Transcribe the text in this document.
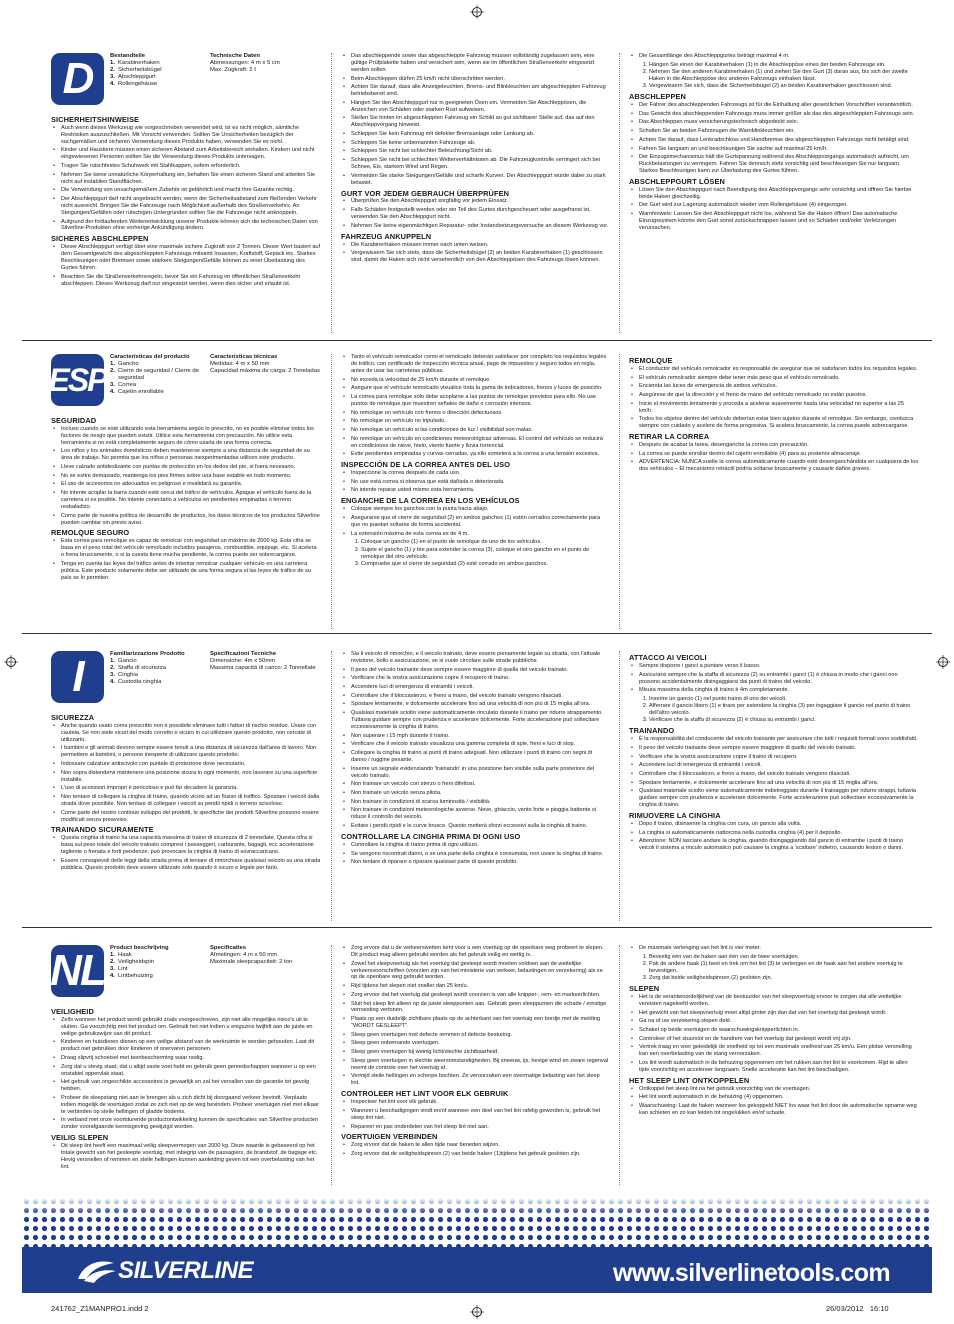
D	Bestandteile
1. Karabinerhaken
2. Sicherheitsbügel
3. Abschleppgurt
4. Rollengehäuse
Technische Daten
Abmessungen: 4 m x 5 cm
Max. Zugkraft: 2 t
SICHERHEITSHINWEISE
• Auch wenn dieses Werkzeug wie vorgeschrieben verwendet wird, ist es nicht möglich, sämtliche Restrisiken auszuschließen. Mit Vorsicht verwenden. Sollten Sie Unsicherheiten bezüglich der sachgemäßen und sicheren Verwendung dieses Produkts haben, verwenden Sie es nicht.
• Kinder und Haustiere müssen einen sicheren Abstand zum Arbeitsbereich einhalten. Kindern und nicht eingewiesenen Personen sollten Sie die Verwendung dieses Produkts untersagen.
• Tragen Sie rutschfestes Schuhwerk mit Stahlkappen, sofern erforderlich.
• Nehmen Sie keine unnatürliche Körperhaltung ein, behalten Sie einen sicheren Stand und arbeiten Sie nicht auf instabilen Standflächen.
• Die Verwendung von unsachgemäßem Zubehör ist gefährlich und macht Ihre Garantie nichtig.
• Der Abschleppgurt darf nicht angebracht werden, wenn der Sicherheitsabstand zum fließenden Verkehr nicht ausreicht. Bringen Sie die Fahrzeuge nach Möglichkeit außerhalb des Straßenverkehrs. An Steigungen/Gefällen oder rutschigen Untergründen sollten Sie die Fahrzeuge nicht anknoppeln.
• Aufgrund der fortlaufenden Weiterentwicklung unserer Produkte können sich die technischen Daten von Silverline-Produkten ohne vorherige Ankündigung ändern.
SICHERES ABSCHLEPPEN
• Dieser Abschleppgurt verfügt über eine maximale sichere Zugkraft von 2 Tonnen. Dieser Wert basiert auf dem Gesamtgewicht des abgeschleppten Fahrzeugs mitsamt Insassen, Kraftstoff, Gepäck etc. Starkes Beschleunigen oder Bremsen sowie stärkere Steigungen/Gefälle können zu einer Überlastung des Gurtes führen.
• Beachten Sie die Straßenverkehrsregeln, bevor Sie ein Fahrzeug im öffentlichen Straßenverkehr abschleppen. Dieses Werkzeug darf nur eingesetzt werden, wenn dies sicher und erlaubt ist.
• Das abschleppende sowie das abgeschleppte Fahrzeug müssen vollständig zugelassen sein, eine gültige Prüfplakette haben und versichert sein, wenn sie im öffentlichen Straßenverkehr eingesetzt werden sollen.
• Beim Abschleppen dürfen 25 km/h nicht überschritten werden.
• Achten Sie darauf, dass alle Anzeigeleuchten, Brems- und Blinkleuchten am abgeschleppten Fahrzeug betriebsbereit sind.
• Hängen Sie den Abschleppgurt nur in geeigneten Ösen ein. Vermeiden Sie Abschleppösen, die Anzeichen von Schäden oder starken Rost aufweisen.
• Stellen Sie hinten im abgeschleppten Fahrzeug ein Schild an gut sichtbarer Stelle auf, das auf den Abschleppvorgang hinweist.
• Schleppen Sie kein Fahrzeug mit defekter Bremsanlage oder Lenkung ab.
• Schleppen Sie keine unbemannten Fahrzeuge ab.
• Schleppen Sie nicht bei schlechter Beleuchtung/Sicht ab.
• Schleppen Sie nicht bei schlechten Wetterverhältnissen ab. Die Fahrzeugkontrolle verringert sich bei Schnee, Eis, starkem Wind und Regen.
• Vermeiden Sie starke Steigungen/Gefälle und scharfe Kurven. Der Abschleppgurt würde dabei zu stark belastet.
GURT VOR JEDEM GEBRAUCH ÜBERPRÜFEN
• Überprüfen Sie den Abschleppgurt sorgfältig vor jedem Einsatz.
• Falls Schäden festgestellt werden oder ein Teil des Gurtes durchgescheuert oder ausgefranst ist, verwenden Sie den Abschleppgurt nicht.
• Nehmen Sie keine eigenmächtigen Reparatur- oder Instandsetzungsversuche an diesem Werkzeug vor.
FAHRZEUG ANKUPPELN
• Die Karabinerhaken müssen immer nach unten weisen.
• Vergewissern Sie sich stets, dass die Sicherheitsbügel (2) an beiden Karabinerhaken (1) geschlossen sind, damit die Haken sich nicht versehentlich von den Abschleppösen des Fahrzeugs lösen können.
• Die Gesamtlänge des Abschleppgurtes beträgt maximal 4 m.
1. Hängen Sie einen der Karabinerhaken (1) in die Abschleppöse eines der beiden Fahrzeuge ein.
2. Nehmen Sie den anderen Karabinerhaken (1) und ziehen Sie den Gurt (3) daran aus, bis sich der zweite Haken in die Abschleppöse des anderen Fahrzeugs einhaken lässt.
3. Vergewissern Sie sich, dass die Sicherheitsbügel (2) an beiden Karabinerhaken geschlossen sind.
ABSCHLEPPEN
• Der Fahrer des abschleppenden Fahrzeugs ist für die Einhaltung aller gesetzlichen Vorschriften verantwortlich.
• Das Gewicht des abschleppenden Fahrzeugs muss immer größer als das des abgeschleppten Fahrzeugs sein.
• Das Abschleppen muss versicherungstechnisch abgedeckt sein.
• Schalten Sie an beiden Fahrzeugen die Warnblinkleuchten ein.
• Achten Sie darauf, dass Lenkradschloss und Handbremse des abgeschleppten Fahrzeugs nicht betätigt sind.
• Fahren Sie langsam an und beschleunigen Sie sachte auf maximal 25 km/h.
• Der Einzugsmechanismus hält die Gurtspannung während des Abschleppvorgangs automatisch aufrecht, um Ruckbelastungen zu verringern. Fahren Sie dennoch stets vorsichtig und beschleunigen Sie nur langsam. Starkes Beschleunigen kann zur Überlastung des Gurtes führen.
ABSCHLEPPGURT LÖSEN
• Lösen Sie den Abschleppgurt nach Beendigung des Abschleppvorgangs sehr vorsichtig und öffnen Sie hierbei beide Haken gleichzeitig.
• Der Gurt wird zur Lagerung automatisch wieder vom Rollengehäuse (4) eingezogen.
• Warnhinweis: Lassen Sie den Abschleppgurt nicht los, während Sie die Haken öffnen! Das automatische Einzugssystem könnte den Gurt sonst zurückschnappen lassen und so Schäden und/oder Verletzungen verursachen.
ESP
Características del producto
1. Gancho
2. Cierre de seguridad / Cierre de seguridad
3. Correa
4. Cajetín enrollable
Características técnicas
Medidas: 4 m x 50 mm
Capacidad máxima de carga: 2 Toneladas
SEGURIDAD
• Incluso cuando se esté utilizando esta herramienta según lo prescrito, no es posible eliminar todos los factores de riesgo que pueden existir. Utilice esta herramienta con precaución. No utilice esta herramienta si no está completamente seguro de cómo usarla de una forma correcta.
• Los niños y los animales domésticos deben mantenerse siempre a una distancia de seguridad de su área de trabajo. No permita que los niños o personas inexperimentadas utilicen este producto.
• Lleve calzado antideslizante con puntas de protección en los dedos del pie, si fuera necesario.
• No se estire demasiado, mantenga los pies firmes sobre una base estable en todo momento.
• El uso de accesorios no adecuados es peligroso e invalidará su garantía.
• No intente acoplar la barra cuando esté cerca del tráfico de vehículos. Apague el vehículo fuera de la carretera si es posible. No intente conectarlo a vehículos en pendientes empinadas o terreno resbaladizo.
• Como parte de nuestra política de desarrollo de productos, los datos técnicos de los productos Silverline pueden cambiar sin previo aviso.
REMOLQUE SEGURO
• Esta correa para remolque es capaz de remolcar con seguridad un máximo de 2000 kg. Esta cifra se basa en el peso total del vehículo remolcado incluidos pasajeros, combustible, equipaje, etc. Si acelera o frena bruscamente, o si la cuesta tiene mucha pendiente, la correa puede ser sobrecargarse.
• Tenga en cuenta las leyes del tráfico antes de intentar remolcar cualquier vehículo en una carretera pública. Este producto solamente debe ser utilizado de una forma segura si las leyes de tráfico de su país se lo permiten.
• Tanto el vehículo remolcador como el remolcado deberán satisfacer por completo los requisitos legales de tráfico, con certificado de inspección técnica anual, pago de impuestos y seguro todos en regla, antes de usar las carreteras públicas.
• No exceda la velocidad de 25 km/h durante el remolque.
• Asegure que el vehículo remolcado visualice toda la gama de indicadores, frenos y luces de posición.
• La correa para remolque sólo debe acoplarse a las puntos de remolque previstos para ello. No use puntos de remolque que muestren señales de daño o corrosión intensos.
• No remolque un vehículo con frenos o dirección defectuosos.
• No remolque un vehículo no tripulado.
• No remolque un vehículo si las condiciones de luz / visibilidad son malas.
• No remolque un vehículo en condiciones meteorológicas adversas. El control del vehículo se reducirá en condiciones de nieve, hielo, viento fuerte y lluvia torrencial.
• Evite pendientes empinadas y curvas cerradas, ya ello someterá a la correa a una tensión excesiva.
INSPECCIÓN DE LA CORREA ANTES DEL USO
• Inspeccione la correa después de cada uso.
• No use está correa si observa que está dañada o deteriorada.
• No intente reparar usted mismo esta herramienta.
ENGANCHE DE LA CORREA EN LOS VEHÍCULOS
• Coloque siempre los ganchos con la punta hacia abajo.
• Asegurarse que el cierre de seguridad (2) en ambos ganchos (1) estén cerrados correctamente para que no puedan soltarse de forma accidental.
• La extensión máxima de esta correa es de 4 m.
1. Coloque un gancho (1) en el punto de remolque de uno de los vehículos.
2. Sujete el gancho (1) y tire para extender la correa (3), coloque el otro gancho en el punto de remolque del otro vehículo.
3. Compruebe que el cierre de seguridad (2) esté cerrado en ambos ganchos.
REMOLQUE
• El conductor del vehículo remolcador es responsable de asegurar que se satisfacen todos los requisitos legales.
• El vehículo remolcador siempre debe tener más peso que el vehículo remolcado.
• Encienda las luces de emergencia de ambos vehículos.
• Asegúrese de que la dirección y el freno de mano del vehículo remolcado no están puestos.
• Inicie el movimiento lentamente y proceda a acelerar suavemente hasta una velocidad no superior a las 25 km/h.
• Todos los objetos dentro del vehículo deberían estar bien sujetos durante el remolque. Sin embargo, conduzca siempre con cuidado y acelere de forma progresiva. Si acelera bruscamente, la correa puede sobrecargarse.
RETIRAR LA CORREA
• Después de acabar la tarea, desenganche la correa con precaución.
• La correa se puede enrollar dentro del cajetín enrollable (4) para su posterior almacenaje.
• ADVERTENCIA: NUNCA suelte la correa automáticamente cuando esté desenganchándola en cualquiera de los dos vehículos – El mecanismo retráctil podría soltarse bruscamente y causarle daños graves.
I	Familiarizzazione Prodotto
1. Gancio
2. Staffa di sicurezza
3. Cinghia
4. Custodia cinghia
Specificazioni Tecniche
Dimensione: 4m x 50mm
Massima capacità di carico: 2 Tonnellate
SICUREZZA
• Anche quando usato come prescritto non è possibile eliminare tutti i fattori di rischio residuo. Usare con cautela. Se non siete sicuri del modo corretto e sicuro in cui utilizzare questo prodotto, non cercate di utilizzarlo.
• I bambini e gli animali devono sempre essere tenuti a una distanza di sicurezza dall'area di lavoro. Non permettere ai bambini, o persone inesperte di utilizzare questo prodotto.
• Indossare calzature antiscivolo con puntale di protezione dove necessario.
• Non sopra distendervi mantenere una posizione sicura in ogni momento, non lavorare su una superficie instabile.
• L'uso di accessori impropri è pericoloso e può far decadere la garanzia.
• Non tentare di collegare la cinghia di traino, quando vicino ad un flusso di traffico. Spostare i veicoli dalla strada dove possibile. Non tentare di collegare i veicoli su pendii ripidi o terreno scivoloso.
• Come parte del nostro continuo sviluppo dei prodotti, le specifiche dei prodotti Silverline possono essere modificati senza preavviso.
TRAINANDO SICURAMENTE
• Questa cinghia di traino ha una capacità massima di traino di sicurezza di 2 tonnellate. Questa cifra si basa sul peso totale del veicolo trainato compresi i passeggeri, carburante, bagagli, ecc accelerazione tagliente o frenata e forti pendenze, può provocare la cinghia di traino di sovraccaricarsi.
• Essere consapevoli delle leggi della strada prima di tentare di rimorchiare qualsiasi veicolo su una strada pubblica. Questo prodotto deve essere utilizzato solo quando è sicuro e legale per farlo.
• Sia il veicolo di rimorchio, e il veicolo trainato, deve essere pienamente legale su strada, con l'attuale revisione, bollo e assicurazione, se si vuole circolare sulle strade pubbliche.
• Il peso del veicolo trainante deve sempre essere maggiore di quella del veicolo trainato.
• Verificare che la vostra assicurazione copre il recupero di traino.
• Accendere luci di emergenza di entrambi i veicoli.
• Controllare che il bloccasterzo, e freno a mano, del veicolo trainato vengono rilasciati.
• Spostare lentamente, e dolcemente accelerare fino ad una velocità di non più di 15 miglia all'ora.
• Qualsiasi materiale sciolto viene automaticamente rinculato durante il traino per ridurre strappamento. Tuttavia guidare sempre con prudenza e accelerare dolcemente. Forte accelerazione può sollecitare eccessivamente la cinghia di traino.
• Non superare i 15 mph durante il traino.
• Verificare che il veicolo trainato visualizza una gamma completa di spie, freni e luci di stop.
• Collegare la cinghia di traino ai punti di traino adeguati. Non utilizzare i punti di traino con segni di danno / ruggine pesante.
• Inserire un segnale evidenziando 'trainando' in una posizione ben visibile sulla parte posteriore del veicolo trainato.
• Non trainare un veicolo con sterzo o freni difettosi.
• Non trainare un veicolo senza pilota.
• Non trainare in condizioni di scarsa luminosità / visibilità.
• Non trainare in condizioni meteorologiche avverse. Neve, ghiaccio, vento forte e pioggia battente si riduce il controllo del veicolo.
• Evitare i pendii ripidi e le curve brusce. Questo metterà sforzi eccessivi sulla la cinghia di traino.
CONTROLLARE LA CINGHIA PRIMA DI OGNI USO
• Controllare la cinghia di traino prima di ogni utilizzo.
• Se vengono riscontrati danni, o se una parte della cinghia è consumata, non usare la cinghia di traino.
• Non tentare di riparare o riparare qualsiasi parte di questo prodotto.
ATTACCO AI VEICOLI
• Sempre disporre i ganci a puntare verso il basso.
• Assicurarsi sempre che la staffa di sicurezza (2) su entrambi i ganci (1) è chiusa in modo che i ganci non possono accidentalmente disingaggiarsi dai punti di traino del veicolo.
• Misura massima della cinghia di traino è 4m completamente.
1. Inserire un gancio (1) nel punto traino di uno dei veicoli.
2. Afferrare il gancio libero (1) e tirare per estendere la cinghia (3) per ingaggiare il gancio nel punto di traino dell'altro veicolo.
3. Verificare che la staffa di sicurezza (2) è chiusa su entrambi i ganci.
TRAINANDO
• È la responsabilità del conducente del veicolo trainante per assicurare che tutti i requisiti formali sono soddisfatti.
• Il peso del veicolo trainante deve sempre essere maggiore di quello del veicolo trainato.
• Verificare che la vostra assicurazione copre il traino di recupero.
• Accendere luci di emergenza di entrambi i veicoli.
• Controllare che il bloccasterzo, e freno a mano, del veicolo trainato vengono rilasciati.
• Spostare lentamente, e dolcemente accelerare fino ad una velocità di non più di 15 miglia all'ora.
• Qualsiasi materiale sciolto viene automaticamente indietreggiato durante il trainaggio per ridurre strappi, tuttavia guidare sempre con prudenza e accelerare dolcemente. Forte accelerazione può sollecitare eccessivamente la cinghia di traino.
RIMUOVERE LA CINGHIA
• Dopo il traino, disinserire la cinghia con cura, un gancio alla volta.
• La cinghia si automaticamente riattorcina nella custodia cinghia (4) per il deposito.
• Attenzione: NON lasciare andare la cinghia, quando disingaggiando dal gancio di entrambe i punti di traino veicoli il sistema a rinculo automatico può causare la cinghia a 'scattare' indietro, causando lesioni o danni.
NL Product beschrijving
1. Haak
2. Veiligheidspin
3. Lint
4. Lintbehuizing
Specificaties
Afmetingen: 4 m x 50 mm
Maximale sleepcapaciteit: 2 ton
VEILIGHEID
• Zelfs wanneer het product wordt gebruikt zoals voorgeschreven, zijn niet alle mogelijke risico's uit te sluiten. Ga voorzichtig met het product om. Gebruik het niet indien u enigszins twijfelt aan de juiste en veilige gebruikswijze van dit product.
• Kinderen en huisdieren dienen op een veilige afstand van de werkruimte te worden gehouden. Laat dit product niet gebruiken door kinderen of onervaren personen.
• Draag slipvrij schoeisel met teenbescherming waar nodig.
• Zorg dat u stevig staat; dat u altijd vaste voet hebt en gebruik geen gereedschappen wanneer u op een onstabiel oppervlak staat.
• Het gebruik van ongeschikte accessoires is gevaarlijk en zal het vervallen van de garantie tot gevolg hebben.
• Probeer de sleepstang niet aan te brengen als u zich dicht bij doorgaand verkeer bevindt. Verplaats indien mogelijk de voertuigen zodat ze zich niet op de weg bevinden. Probeer voertuigen niet met elkaar te verbinden op steile hellingen of gladde bodems.
• In verband met onze voortdurende productontwikkeling kunnen de specificaties van Silverline producten zonder voorafgaande kennisgeving gewijzigd worden.
VEILIG SLEPEN
• Dit sleep lint heeft een maximaal veilig sleepvermogen van 2000 kg. Deze waarde is gebaseerd op het totale gewicht van het gesleepte voertuig, met inbegrip van de passagiers, de brandstof, de bagage etc. Hevig versnellen of remmen en steile hellingen kunnen aanleiding geven tot een overbelasting van het lint.
• Zorg ervoor dat u de verkeerswetten kent voor u een voertuig op de openbare weg probeert te slepen. Dit product mag alleen gebruikt worden als het gebruik veilig en wettig is.
• Zowel het sleepvoertuig als het voertuig dat gesleept wordt moeten voldoen aan de wettelijke verkeersvoorschriften (voorzien zijn van het ministerie van verkeer, belastingen en verzekering) als ze op de openbare weg gebruikt worden.
• Rijd tijdens het slepen niet sneller dan 25 km/u.
• Zorg ervoor dat het voertuig dat gesleept wordt voorzien is van alle knipper-, rem- en markeerlichten.
• Sluit het sleep lint alleen op de juiste sleeppunten aan. Gebruik geen sleeppunten die schade / ernstige verroesting vertonen.
• Plaats op een duidelijk zichtbare plaats op de achterkant van het voertuig een bordje met de melding "WORDT GESLEEPT".
• Sleep geen voertuigen met defecte remmen of defecte besturing.
• Sleep geen onbemande voertuigen.
• Sleep geen voertuigen bij weinig licht/slechte zichtbaarheid.
• Sleep geen voertuigen in slechte weersomstandigheden. Bij sneeuw, ijs, hevige wind en zware regenval neemt de controle over het voertuig af.
• Vermijd steile hellingen en scherpe bochten. Ze veroorzaken een overmatige belasting van het sleep lint.
CONTROLEER HET LINT VOOR ELK GEBRUIK
• Inspecteer het lint voor elk gebruik.
• Wanneer u beschadigingen vindt en/of wanneer een deel van het lint rafelig geworden is, gebruik het sleep lint niet.
• Repareer en pas onderdelen van het sleep lint niet aan.
VOERTUIGEN VERBINDEN
• Zorg ervoor dat de haken te allen tijde naar beneden wijzen.
• Zorg ervoor dat de veiligheidspinnen (2) van beide haken (1)tijdens het gebruik gesloten zijn.
• De maximale verlenging van het lint is vier meter.
1. Bevestig één van de haken aan één van de twee voertuigen.
2. Pak de andere haak (1) beet en trek om het lint (3) te verlengen en de haak aan het andere voertuig te bevestigen.
3. Zorg dat beide veiligheidspinnen (2) gesloten zijn.
SLEPEN
• Het is de verantwoordelijkheid van de bestuurder van het sleepvoertuig ervoor te zorgen dat alle wettelijke vereisten nageleefd worden.
• Het gewicht van het sleepvoertuig moet altijd groter zijn dan dat van het voertuig dat gesleept wordt.
• Ga na of uw verzekering slepen dekt.
• Schakel op beide voertuigen de waarschuwingsknipperlichten in.
• Controleer of het stuurslot en de handrem van het voertuig dat gesleept wordt vrij zijn.
• Vertrek traag en voer geleidelijk de snelheid op tot een maximale snelheid van 25 km/u. Een plotse versnelling kan een overbelasting van de stang veroorzaken.
• Los lint wordt automatisch in de behuizing opgenomen om het rukken aan het lint te voorkomen. Rijd te allen tijde voorzichtig en accelereer langzaam. Snelle acceleratie kan het lint beschadigen.
HET SLEEP LINT ONTKOPPELEN
• Ontkoppel het sleep lint na het gebruik voorzichtig van de voertuigen.
• Het lint wordt automatisch in de behuizing (4) opgenomen.
• Waarschuwing: Laat de haken wanneer los gekoppeld NIET los waar het lint door de automatische opname weg kan schieten en zo kan leiden tot ongelukken en/of schade.
SILVERLINE	www.silverlinetools.com
241762_Z1MANPRO1.indd 2	26/03/2012 16:10
